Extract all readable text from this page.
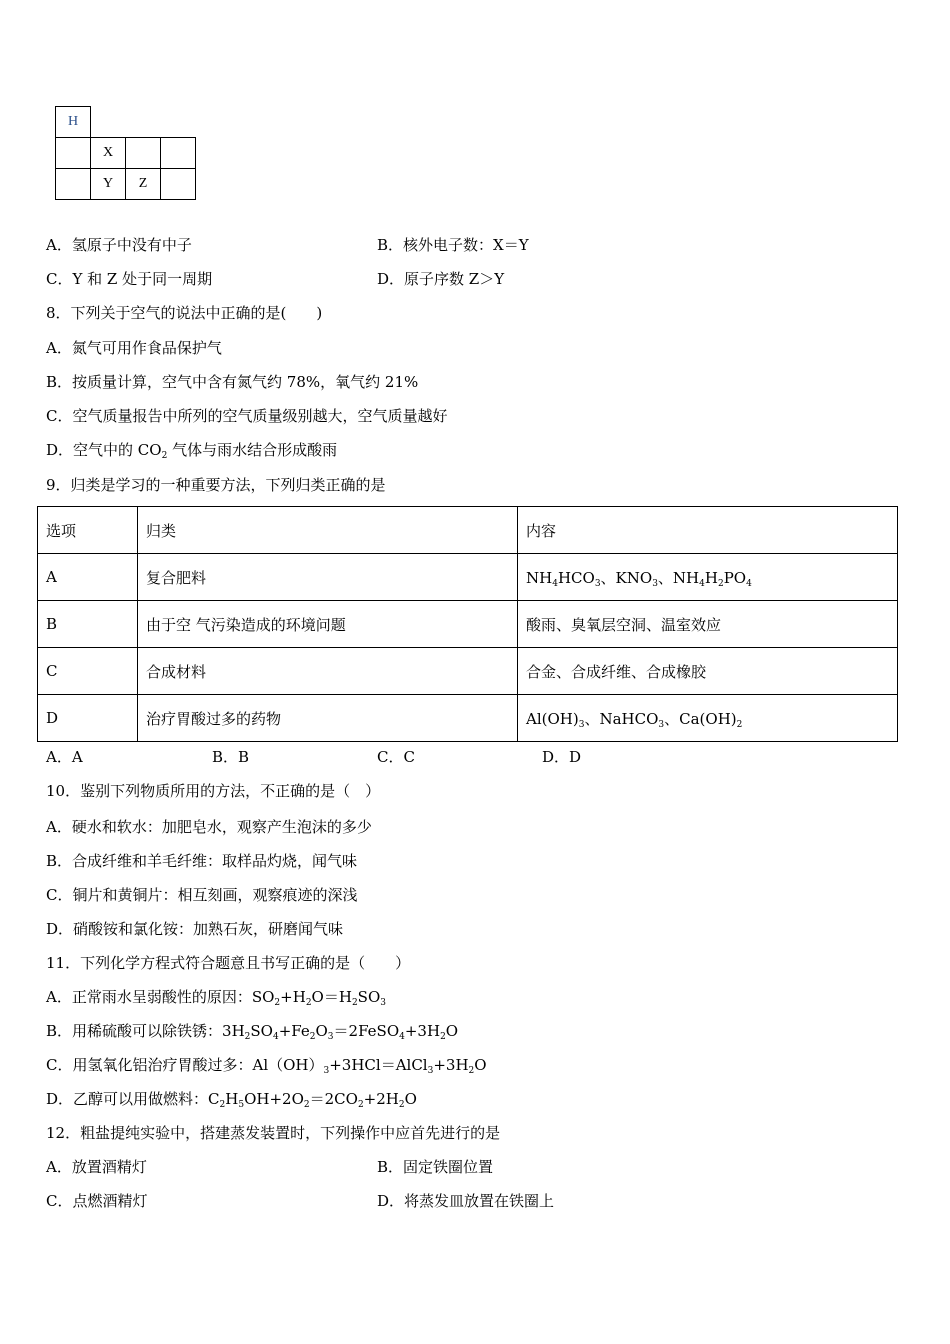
H			
	X		
	Y	Z	
A．氢原子中没有中子	B．核外电子数：X＝Y
C．Y 和 Z 处于同一周期	D．原子序数 Z＞Y
8．下列关于空气的说法中正确的是(　　)
A．氮气可用作食品保护气
B．按质量计算，空气中含有氮气约 78%，氧气约 21%
C．空气质量报告中所列的空气质量级别越大，空气质量越好
D．空气中的 $CO_2$ 气体与雨水结合形成酸雨
9．归类是学习的一种重要方法，下列归类正确的是
选项	归类	内容
A	复合肥料	$NH_4HCO_3$、$KNO_3$、$NH_4H_2PO_4$
B	由于空 气污染造成的环境问题	酸雨、臭氧层空洞、温室效应
C	合成材料	合金、合成纤维、合成橡胶
D	治疗胃酸过多的药物	$Al(OH)_3$、NaHCO$_3$、$Ca(OH)_2$
A．A	B．B	C．C	D．D
10．鉴别下列物质所用的方法，不正确的是（　）
A．硬水和软水：加肥皂水，观察产生泡沫的多少
B．合成纤维和羊毛纤维：取样品灼烧，闻气味
C．铜片和黄铜片：相互刻画，观察痕迹的深浅
D．硝酸铵和氯化铵：加熟石灰，研磨闻气味
11．下列化学方程式符合题意且书写正确的是（　　）
A．正常雨水呈弱酸性的原因：$SO_2+H_2O=H_2SO_3$
B．用稀硫酸可以除铁锈：$3H_2SO_4+Fe_2O_3=2FeSO_4+3H_2O$
C．用氢氧化铝治疗胃酸过多：$Al(OH)_3+3HCl=AlCl_3+3H_2O$
D．乙醇可以用做燃料：$C_2H_5OH+2O_2=2CO_2+2H_2O$
12．粗盐提纯实验中，搭建蒸发装置时，下列操作中应首先进行的是
A．放置酒精灯	B．固定铁圈位置
C．点燃酒精灯	D．将蒸发皿放置在铁圈上
